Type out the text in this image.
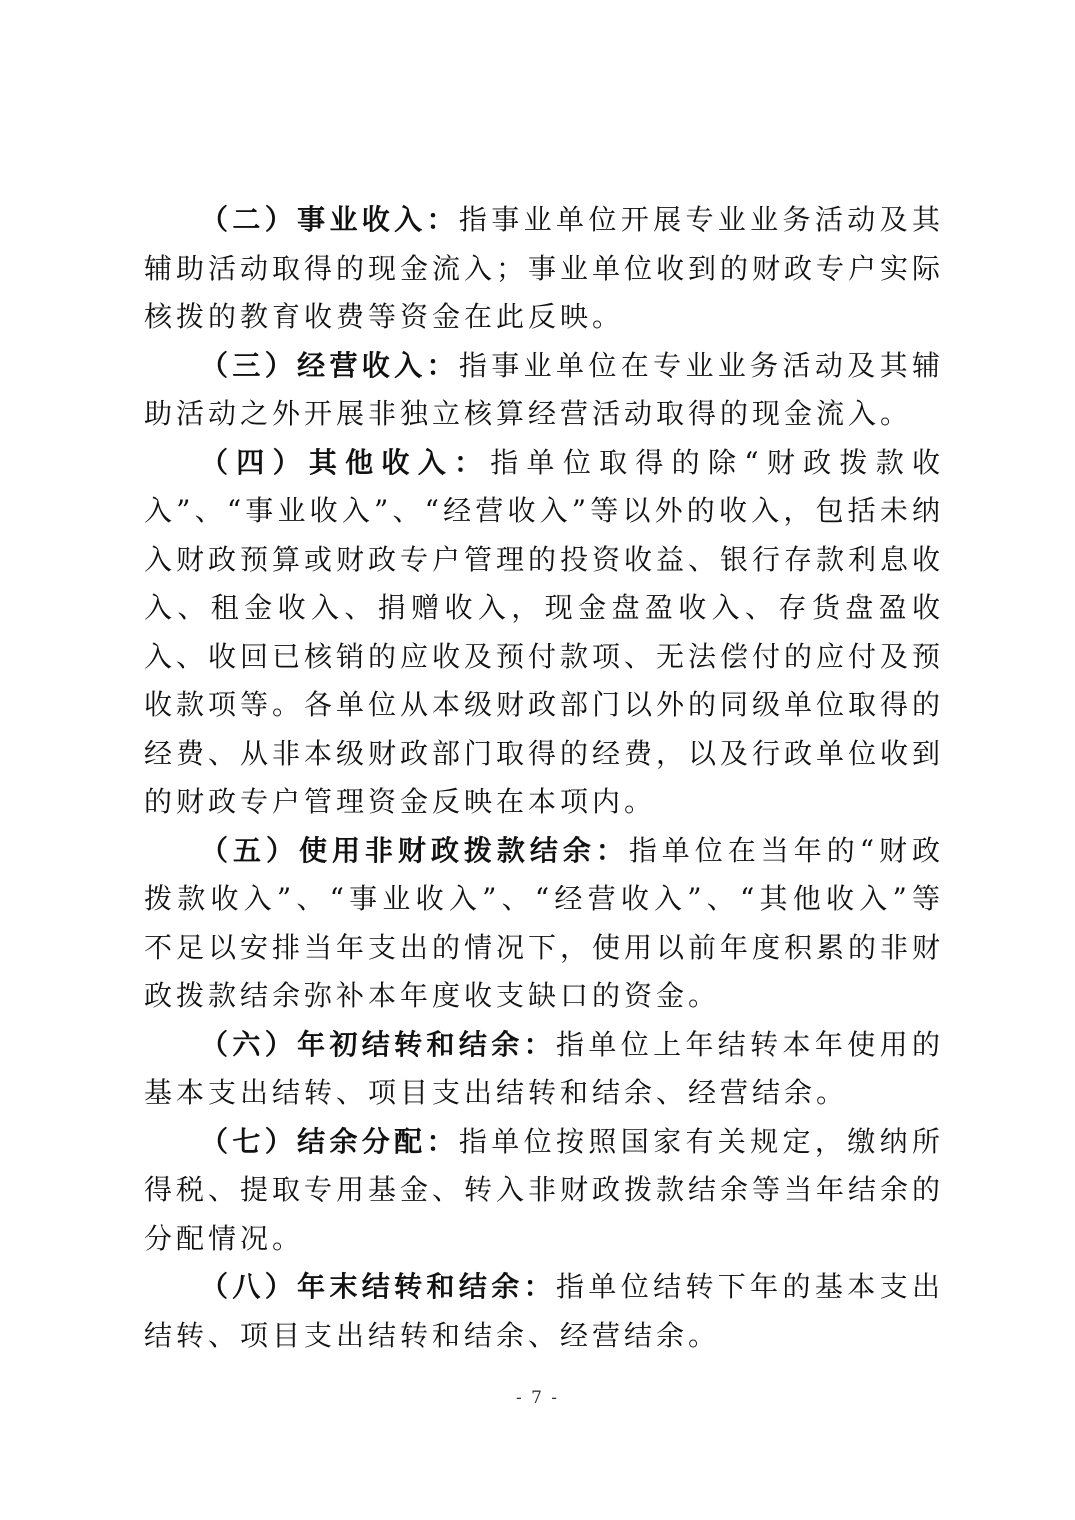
（二）事业收入：指事业单位开展专业业务活动及其辅助活动取得的现金流入；事业单位收到的财政专户实际核拨的教育收费等资金在此反映。

（三）经营收入：指事业单位在专业业务活动及其辅助活动之外开展非独立核算经营活动取得的现金流入。

（四）其他收入：指单位取得的除“财政拨款收入”、“事业收入”、“经营收入”等以外的收入，包括未纳入财政预算或财政专户管理的投资收益、银行存款利息收入、租金收入、捐赠收入，现金盘盈收入、存货盘盈收入、收回已核销的应收及预付款项、无法偿付的应付及预收款项等。各单位从本级财政部门以外的同级单位取得的经费、从非本级财政部门取得的经费，以及行政单位收到的财政专户管理资金反映在本项内。

（五）使用非财政拨款结余：指单位在当年的“财政拨款收入”、“事业收入”、“经营收入”、“其他收入”等不足以安排当年支出的情况下，使用以前年度积累的非财政拨款结余弥补本年度收支缺口的资金。

（六）年初结转和结余：指单位上年结转本年使用的基本支出结转、项目支出结转和结余、经营结余。

（七）结余分配：指单位按照国家有关规定，缴纳所得税、提取专用基金、转入非财政拨款结余等当年结余的分配情况。

（八）年末结转和结余：指单位结转下年的基本支出结转、项目支出结转和结余、经营结余。

- 7 -
